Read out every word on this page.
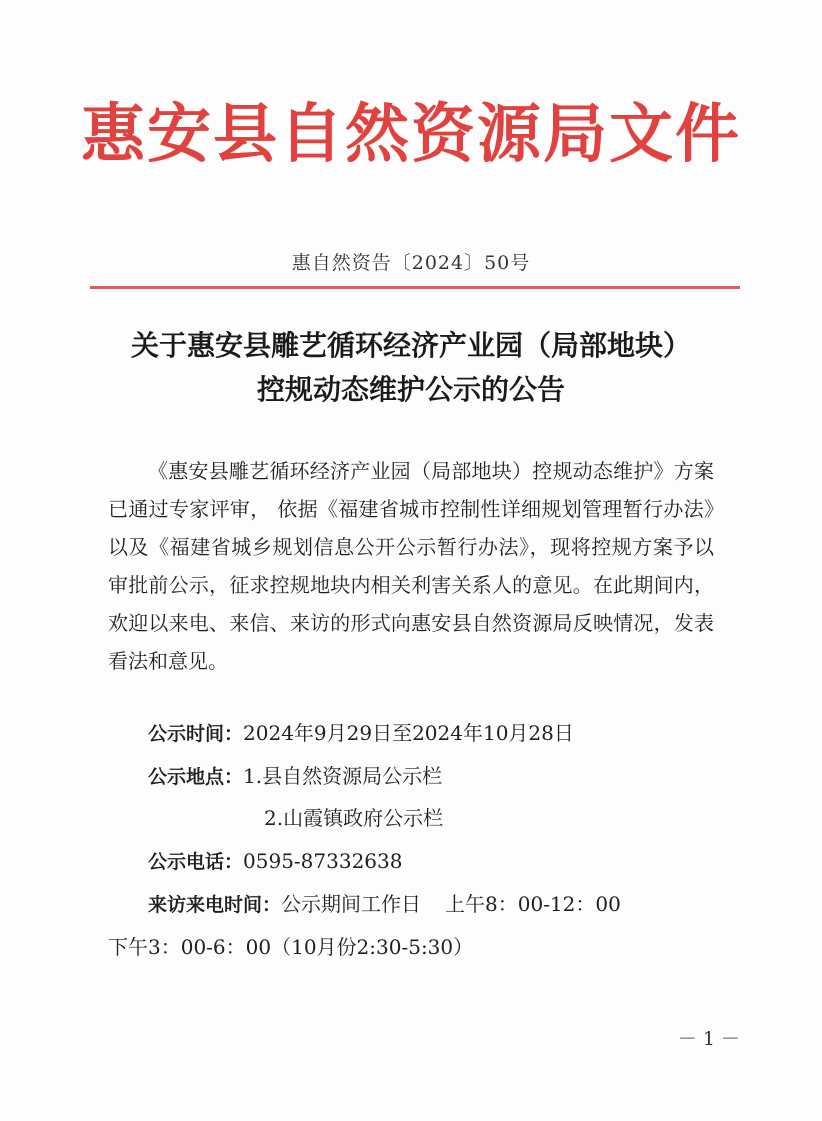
惠安县自然资源局文件
惠自然资告〔2024〕50号
关于惠安县雕艺循环经济产业园（局部地块）
控规动态维护公示的公告
《惠安县雕艺循环经济产业园（局部地块）控规动态维护》方案已通过专家评审， 依据《福建省城市控制性详细规划管理暂行办法》以及《福建省城乡规划信息公开公示暂行办法》，现将控规方案予以审批前公示，征求控规地块内相关利害关系人的意见。在此期间内，欢迎以来电、来信、来访的形式向惠安县自然资源局反映情况，发表看法和意见。
公示时间：2024年9月29日至2024年10月28日
公示地点：1.县自然资源局公示栏
2.山霞镇政府公示栏
公示电话：0595-87332638
来访来电时间：公示期间工作日 上午8：00-12：00
下午3：00-6：00（10月份2:30-5:30）
－ 1 －
